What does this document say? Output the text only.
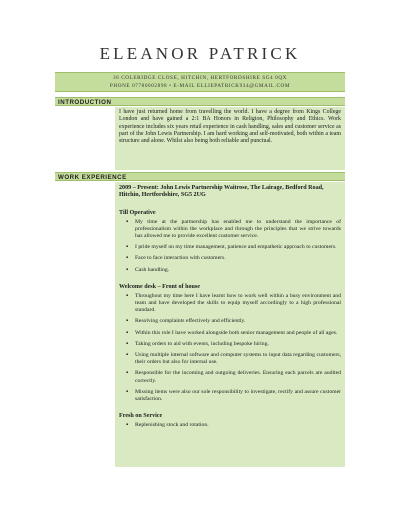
ELEANOR PATRICK
36 COLERIDGE CLOSE, HITCHIN, HERTFORDSHIRE SG4 0QX
PHONE 07780002898 • E-MAIL ELLIEPATRICK934@GMAIL.COM
INTRODUCTION
I have just returned home from travelling the world. I have a degree from Kings College London and have gained a 2:1 BA Honors in Religion, Philosophy and Ethics. Work experience includes six years retail experience in cash handling, sales and customer service as part of the John Lewis Partnership. I am hard working and self-motivated, both within a team structure and alone. Whilst also being both reliable and punctual.
WORK EXPERIENCE
2009 – Present: John Lewis Partnership Waitrose, The Lairage, Bedford Road, Hitchin, Hertfordshire, SG5 2UG
Till Operative
▪ My time at the partnership has enabled me to understand the importance of professionalism within the workplace and through the principles that we strive towards has allowed me to provide excellent customer service.
▪ I pride myself on my time management, patience and empathetic approach to customers.
▪ Face to face interaction with customers.
▪ Cash handling.
Welcome desk – Front of house
▪ Throughout my time here I have learnt how to work well within a busy environment and team and have developed the skills to equip myself accordingly to a high professional standard.
▪ Resolving complaints effectively and efficiently.
▪ Within this role I have worked alongside both senior management and people of all ages.
▪ Taking orders to aid with events, including bespoke hiring.
▪ Using multiple internal software and computer systems to input data regarding customers, their orders but also for internal use.
▪ Responsible for the incoming and outgoing deliveries. Ensuring each parcels are audited correctly.
▪ Missing items were also our sole responsibility to investigate, rectify and assure customer satisfaction.
Fresh on Service
▪ Replenishing stock and rotation.
